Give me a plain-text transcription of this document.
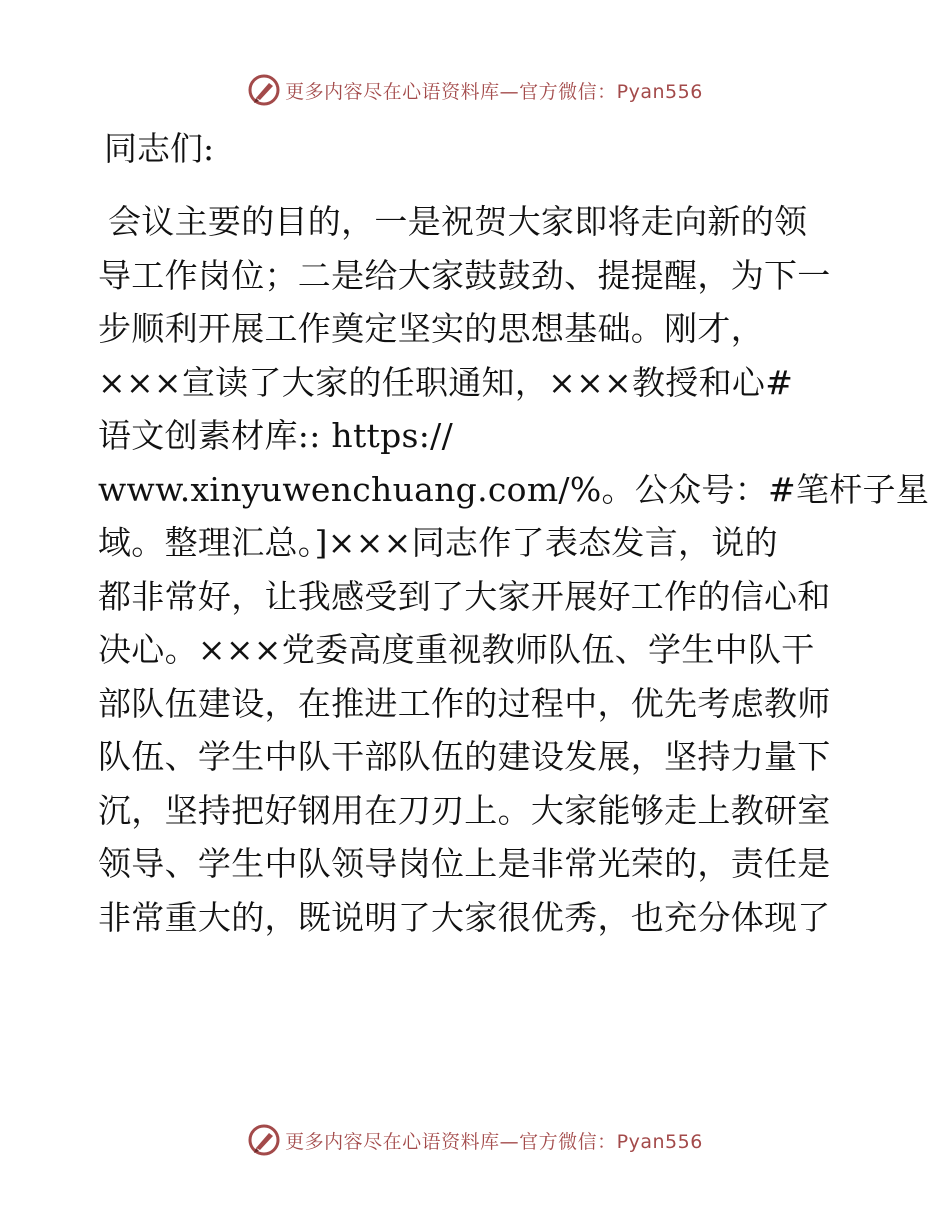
更多内容尽在心语资料库—官方微信：Pyan556

同志们:

会议主要的目的，一是祝贺大家即将走向新的领

导工作岗位；二是给大家鼓鼓劲、提提醒，为下一

步顺利开展工作奠定坚实的思想基础。刚才，

×××宣读了大家的任职通知，×××教授和心#

语文创素材库:: https://

www.xinyuwenchuang.com/%。公众号：#笔杆子星

域。整理汇总。]×××同志作了表态发言，说的

都非常好，让我感受到了大家开展好工作的信心和

决心。×××党委高度重视教师队伍、学生中队干

部队伍建设，在推进工作的过程中，优先考虑教师

队伍、学生中队干部队伍的建设发展，坚持力量下

沉，坚持把好钢用在刀刃上。大家能够走上教研室

领导、学生中队领导岗位上是非常光荣的，责任是

非常重大的，既说明了大家很优秀，也充分体现了

更多内容尽在心语资料库—官方微信：Pyan556
